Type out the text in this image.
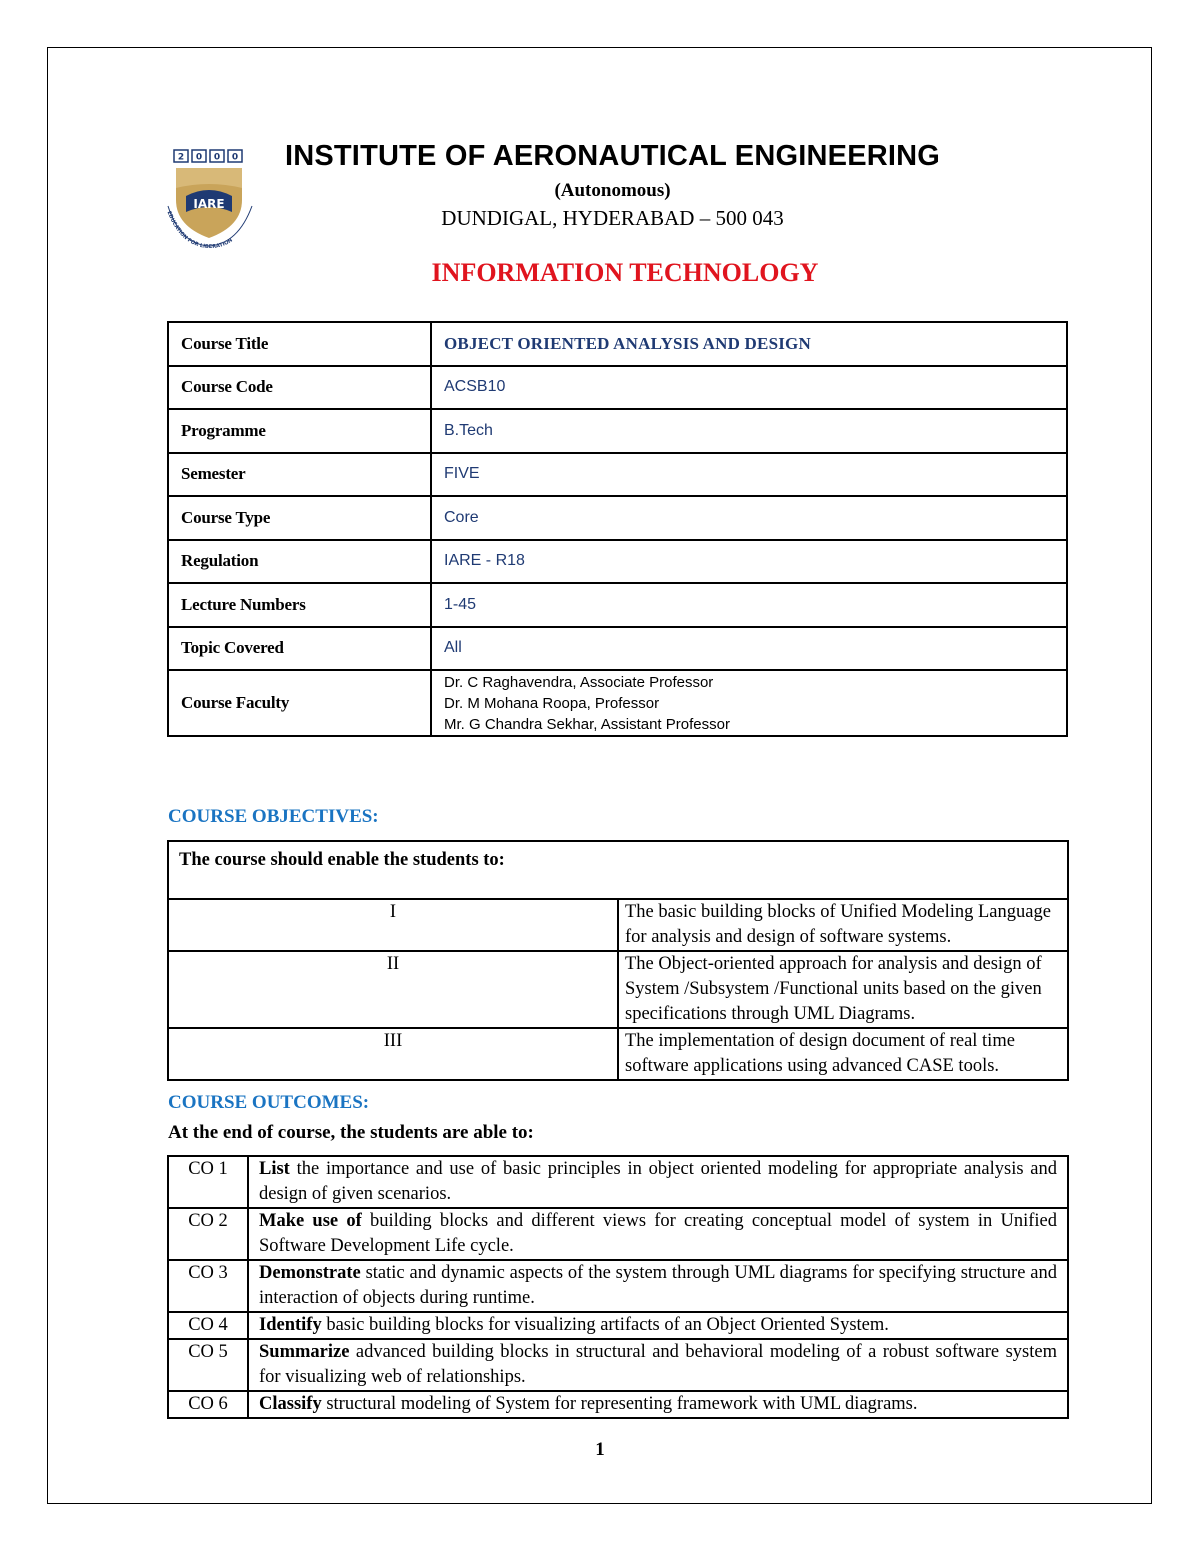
2 0 0 0
IARE
EDUCATION FOR LIBERATION
INSTITUTE OF AERONAUTICAL ENGINEERING
(Autonomous)
DUNDIGAL, HYDERABAD – 500 043
INFORMATION TECHNOLOGY
Course Title	OBJECT ORIENTED ANALYSIS AND DESIGN
Course Code	ACSB10
Programme	B.Tech
Semester	FIVE
Course Type	Core
Regulation	IARE - R18
Lecture Numbers	1-45
Topic Covered	All
Course Faculty	Dr. C Raghavendra, Associate Professor
Dr. M Mohana Roopa, Professor
Mr. G Chandra Sekhar, Assistant Professor
COURSE OBJECTIVES:
The course should enable the students to:	
I	The basic building blocks of Unified Modeling Language for analysis and design of software systems.
II	The Object-oriented approach for analysis and design of System /Subsystem /Functional units based on the given specifications through UML Diagrams.
III	The implementation of design document of real time software applications using advanced CASE tools.
COURSE OUTCOMES:
At the end of course, the students are able to:
CO 1	List the importance and use of basic principles in object oriented modeling for appropriate analysis and design of given scenarios.
CO 2	Make use of building blocks and different views for creating conceptual model of system in Unified Software Development Life cycle.
CO 3	Demonstrate static and dynamic aspects of the system through UML diagrams for specifying structure and interaction of objects during runtime.
CO 4	Identify basic building blocks for visualizing artifacts of an Object Oriented System.
CO 5	Summarize advanced building blocks in structural and behavioral modeling of a robust software system for visualizing web of relationships.
CO 6	Classify structural modeling of System for representing framework with UML diagrams.
1
